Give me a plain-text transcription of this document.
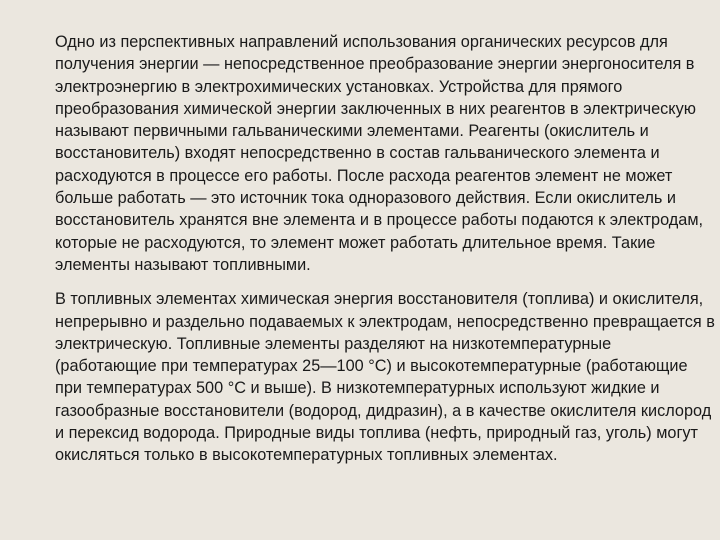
Одно из перспективных направлений использования органических ресурсов для получения энергии — непосредственное преобразование энергии энергоносителя в электроэнергию в электрохимических установках. Устройства для прямого преобразования химической энергии заключенных в них реагентов в электрическую называют первичными гальваническими элементами. Реагенты (окислитель и восстановитель) входят непосредственно в состав гальванического элемента и расходуются в процессе его работы. После расхода реагентов элемент не может больше работать — это источник тока одноразового действия. Если окислитель и восстановитель хранятся вне элемента и в процессе работы подаются к электродам, которые не расходуются, то элемент может работать длительное время. Такие элементы называют топливными.

В топливных элементах химическая энергия восстановителя (топлива) и окислителя, непрерывно и раздельно подаваемых к электродам, непосредственно превращается в электрическую. Топливные элементы разделяют на низкотемпературные (работающие при температурах 25—100 °С) и высокотемпературные (работающие при температурах 500 °С и выше). В низкотемпературных используют жидкие и газообразные восстановители (водород, дидразин), а в качестве окислителя кислород и перексид водорода. Природные виды топлива (нефть, природный газ, уголь) могут окисляться только в высокотемпературных топливных элементах.
